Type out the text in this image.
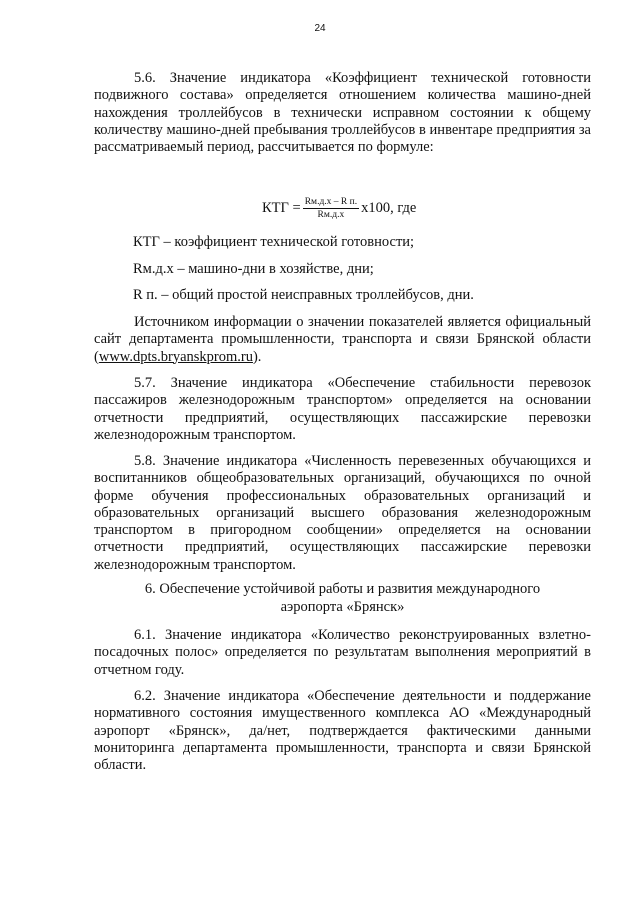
24

5.6. Значение индикатора «Коэффициент технической готовности подвижного состава» определяется отношением количества машино-дней нахождения троллейбусов в технически исправном состоянии к общему количеству машино-дней пребывания троллейбусов в инвентаре предприятия за рассматриваемый период, рассчитывается по формуле:

КТГ = $\frac{\text{Rм.д.х – R п.}}{Rм.д.х} х100$, где
КТГ – коэффициент технической готовности;
Rм.д.х – машино-дни в хозяйстве, дни;
R п. – общий простой неисправных троллейбусов, дни.

Источником информации о значении показателей является официальный сайт департамента промышленности, транспорта и связи Брянской области (www.dpts.bryanskprom.ru).

5.7. Значение индикатора «Обеспечение стабильности перевозок пассажиров железнодорожным транспортом» определяется на основании отчетности предприятий, осуществляющих пассажирские перевозки железнодорожным транспортом.

5.8. Значение индикатора «Численность перевезенных обучающихся и воспитанников общеобразовательных организаций, обучающихся по очной форме обучения профессиональных образовательных организаций и образовательных организаций высшего образования железнодорожным транспортом в пригородном сообщении» определяется на основании отчетности предприятий, осуществляющих пассажирские перевозки железнодорожным транспортом.

6. Обеспечение устойчивой работы и развития международного
аэропорта «Брянск»

6.1. Значение индикатора «Количество реконструированных взлетно-посадочных полос» определяется по результатам выполнения мероприятий в отчетном году.

6.2. Значение индикатора «Обеспечение деятельности и поддержание нормативного состояния имущественного комплекса АО «Международный аэропорт «Брянск», да/нет, подтверждается фактическими данными мониторинга департамента промышленности, транспорта и связи Брянской области.
